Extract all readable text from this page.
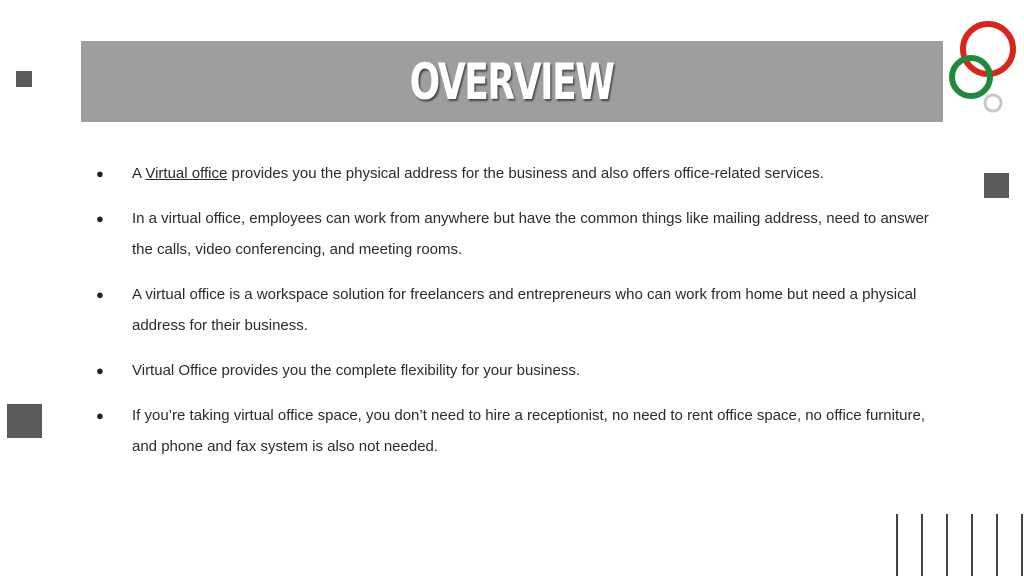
OVERVIEW
● A Virtual office provides you the physical address for the business and also offers office-related services.
● In a virtual office, employees can work from anywhere but have the common things like mailing address, need to answer the calls, video conferencing, and meeting rooms.
● A virtual office is a workspace solution for freelancers and entrepreneurs who can work from home but need a physical address for their business.
● Virtual Office provides you the complete flexibility for your business.
● If you’re taking virtual office space, you don’t need to hire a receptionist, no need to rent office space, no office furniture, and phone and fax system is also not needed.
